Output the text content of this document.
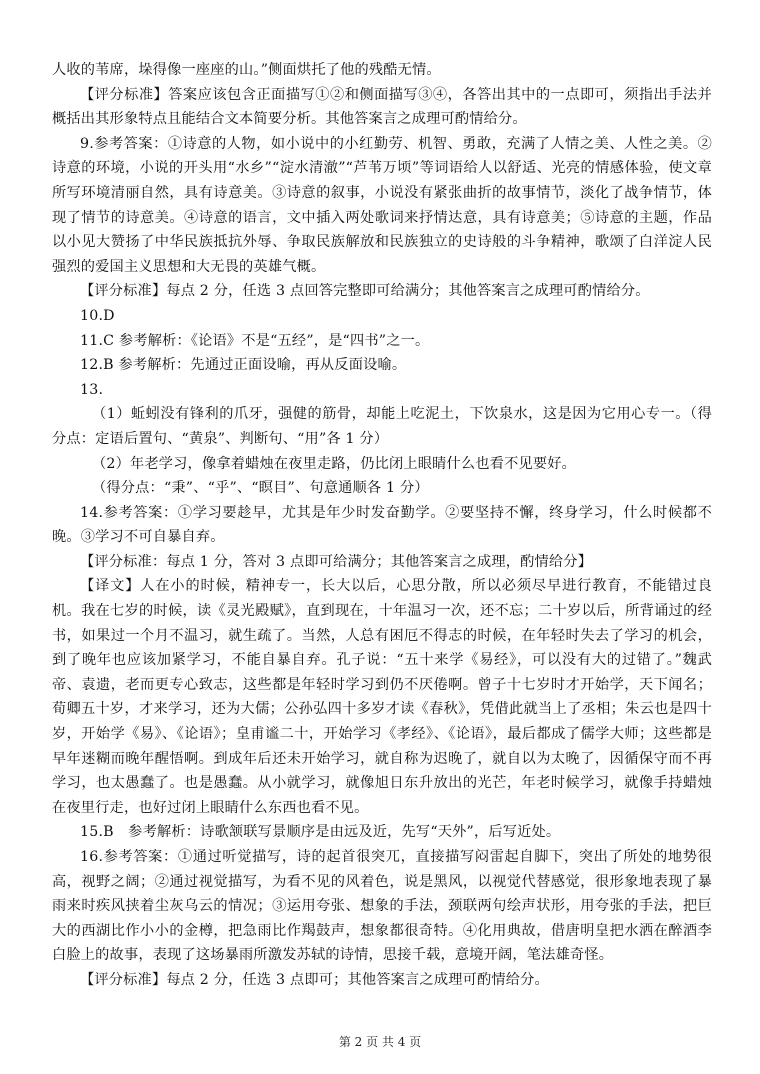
人收的苇席，垛得像一座座的山。”侧面烘托了他的残酷无情。

【评分标准】答案应该包含正面描写①②和侧面描写③④，各答出其中的一点即可，须指出手法并概括出其形象特点且能结合文本简要分析。其他答案言之成理可酌情给分。

9.参考答案：①诗意的人物，如小说中的小红勤劳、机智、勇敢，充满了人情之美、人性之美。②诗意的环境，小说的开头用“水乡”“淀水清澈”“芦苇万顷”等词语给人以舒适、光亮的情感体验，使文章所写环境清丽自然，具有诗意美。③诗意的叙事，小说没有紧张曲折的故事情节，淡化了战争情节，体现了情节的诗意美。④诗意的语言，文中插入两处歌词来抒情达意，具有诗意美；⑤诗意的主题，作品以小见大赞扬了中华民族抵抗外辱、争取民族解放和民族独立的史诗般的斗争精神，歌颂了白洋淀人民强烈的爱国主义思想和大无畏的英雄气概。

【评分标准】每点 2 分，任选 3 点回答完整即可给满分；其他答案言之成理可酌情给分。

10.D

11.C 参考解析：《论语》不是“五经”，是“四书”之一。

12.B 参考解析：先通过正面设喻，再从反面设喻。

13.

（1）蚯蚓没有锋利的爪牙，强健的筋骨，却能上吃泥土，下饮泉水，这是因为它用心专一。（得分点：定语后置句、“黄泉”、判断句、“用”各 1 分）

（2）年老学习，像拿着蜡烛在夜里走路，仍比闭上眼睛什么也看不见要好。

（得分点：“秉”、“乎”、“瞑目”、句意通顺各 1 分）

14.参考答案：①学习要趁早，尤其是年少时发奋勤学。②要坚持不懈，终身学习，什么时候都不晚。③学习不可自暴自弃。

【评分标准：每点 1 分，答对 3 点即可给满分；其他答案言之成理，酌情给分】

【译文】人在小的时候，精神专一，长大以后，心思分散，所以必须尽早进行教育，不能错过良机。我在七岁的时候，读《灵光殿赋》，直到现在，十年温习一次，还不忘；二十岁以后，所背诵过的经书，如果过一个月不温习，就生疏了。当然，人总有困厄不得志的时候，在年轻时失去了学习的机会，到了晚年也应该加紧学习，不能自暴自弃。孔子说：“五十来学《易经》，可以没有大的过错了。”魏武帝、袁遗，老而更专心致志，这些都是年轻时学习到仍不厌倦啊。曾子十七岁时才开始学，天下闻名；荀卿五十岁，才来学习，还为大儒；公孙弘四十多岁才读《春秋》，凭借此就当上了丞相；朱云也是四十岁，开始学《易》、《论语》；皇甫谧二十，开始学习《孝经》、《论语》，最后都成了儒学大师；这些都是早年迷糊而晚年醒悟啊。到成年后还未开始学习，就自称为迟晚了，就自以为太晚了，因循保守而不再学习，也太愚蠢了。也是愚蠢。从小就学习，就像旭日东升放出的光芒，年老时候学习，就像手持蜡烛在夜里行走，也好过闭上眼睛什么东西也看不见。

15.B　参考解析：诗歌颔联写景顺序是由远及近，先写“天外”，后写近处。

16.参考答案：①通过听觉描写，诗的起首很突兀，直接描写闷雷起自脚下，突出了所处的地势很高，视野之阔；②通过视觉描写，为看不见的风着色，说是黑风，以视觉代替感觉，很形象地表现了暴雨来时疾风挟着尘灰乌云的情况；③运用夸张、想象的手法，颈联两句绘声状形，用夸张的手法，把巨大的西湖比作小小的金樽，把急雨比作羯鼓声，想象都很奇特。④化用典故，借唐明皇把水洒在醉酒李白脸上的故事，表现了这场暴雨所激发苏轼的诗情，思接千载，意境开阔，笔法雄奇怪。

【评分标准】每点 2 分，任选 3 点即可；其他答案言之成理可酌情给分。

第 2 页 共 4 页
